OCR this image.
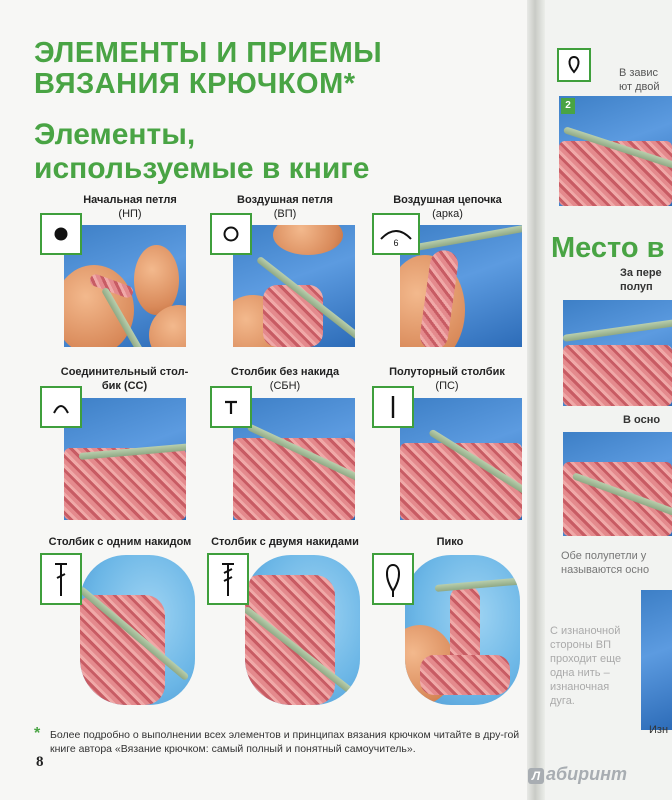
ЭЛЕМЕНТЫ И ПРИЕМЫ
ВЯЗАНИЯ КРЮЧКОМ*
Элементы,
используемые в книге
Начальная петля
(НП)
Воздушная петля
(ВП)
Воздушная цепочка
(арка)
6
Соединительный стол-
бик (СС)
Столбик без накида
(СБН)
Полуторный столбик
(ПС)
Столбик с одним накидом	Столбик с двумя накидами	Пико
* Более подробно о выполнении всех элементов и принципах вязания крючком читайте в дру-гой книге автора «Вязание крючком: самый полный и понятный самоучитель».
8
В завис
ют двой
2
Место в
За пере
полуп
В осно
Обе полупетли у
называются осно
С изнаночной
стороны ВП
проходит еще
одна нить –
изнаночная
дуга.
Изн
Л абиринт
